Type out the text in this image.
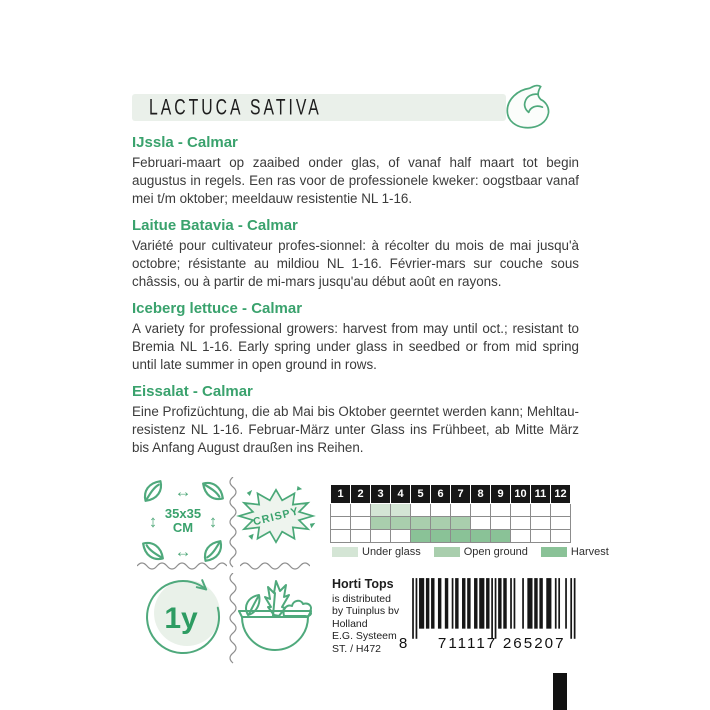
LACTUCA SATIVA
IJssla - Calmar

Februari-maart op zaaibed onder glas, of vanaf half maart tot begin augustus in regels. Een ras voor de professionele kweker: oogstbaar vanaf mei t/m oktober; meeldauw resistentie NL 1-16.

Laitue Batavia - Calmar

Variété pour cultivateur profes-sionnel: à récolter du mois de mai jusqu'à octobre; résistante au mildiou NL 1-16. Février-mars sur couche sous châssis, ou à partir de mi-mars jusqu'au début août en rayons.

Iceberg lettuce - Calmar

A variety for professional growers: harvest from may until oct.; resistant to Bremia NL 1-16. Early spring under glass in seedbed or from mid spring until late summer in open ground in rows.

Eissalat - Calmar

Eine Profizüchtung, die ab Mai bis Oktober geerntet werden kann; Mehltau-resistenz NL 1-16. Februar-März unter Glass ins Frühbeet, ab Mitte März bis Anfang August draußen ins Reihen.

↔
↕ 35x35
CM ↕
↔
CRISPY
1y
1	2	3	4	5	6	7	8	9	10	11	12

Under glass	Open ground	Harvest
Horti Tops
is distributed
by Tuinplus bv
Holland
E.G. Systeem
ST. / H472	8 711117 265207
